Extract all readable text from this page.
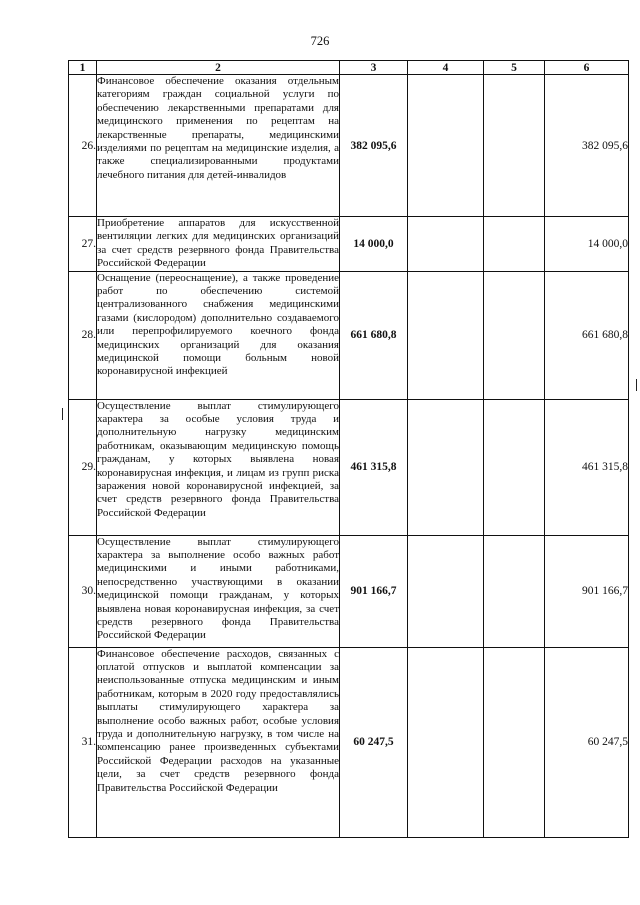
726
1	2	3	4	5	6
26.	Финансовое обеспечение оказания отдельным категориям граждан социальной услуги по обеспечению лекарственными препаратами для медицинского применения по рецептам на лекарственные препараты, медицинскими изделиями по рецептам на медицинские изделия, а также специализированными продуктами лечебного питания для детей-инвалидов	382 095,6			382 095,6
27.	Приобретение аппаратов для искусственной вентиляции легких для медицинских организаций за счет средств резервного фонда Правительства Российской Федерации	14 000,0			14 000,0
28.	Оснащение (переоснащение), а также проведение работ по обеспечению системой централизованного снабжения медицинскими газами (кислородом) дополнительно создаваемого или перепрофилируемого коечного фонда медицинских организаций для оказания медицинской помощи больным новой коронавирусной инфекцией	661 680,8			661 680,8
29.	Осуществление выплат стимулирующего характера за особые условия труда и дополнительную нагрузку медицинским работникам, оказывающим медицинскую помощь гражданам, у которых выявлена новая коронавирусная инфекция, и лицам из групп риска заражения новой коронавирусной инфекцией, за счет средств резервного фонда Правительства Российской Федерации	461 315,8			461 315,8
30.	Осуществление выплат стимулирующего характера за выполнение особо важных работ медицинскими и иными работниками, непосредственно участвующими в оказании медицинской помощи гражданам, у которых выявлена новая коронавирусная инфекция, за счет средств резервного фонда Правительства Российской Федерации	901 166,7			901 166,7
31.	Финансовое обеспечение расходов, связанных с оплатой отпусков и выплатой компенсации за неиспользованные отпуска медицинским и иным работникам, которым в 2020 году предоставлялись выплаты стимулирующего характера за выполнение особо важных работ, особые условия труда и дополнительную нагрузку, в том числе на компенсацию ранее произведенных субъектами Российской Федерации расходов на указанные цели, за счет средств резервного фонда Правительства Российской Федерации	60 247,5			60 247,5
